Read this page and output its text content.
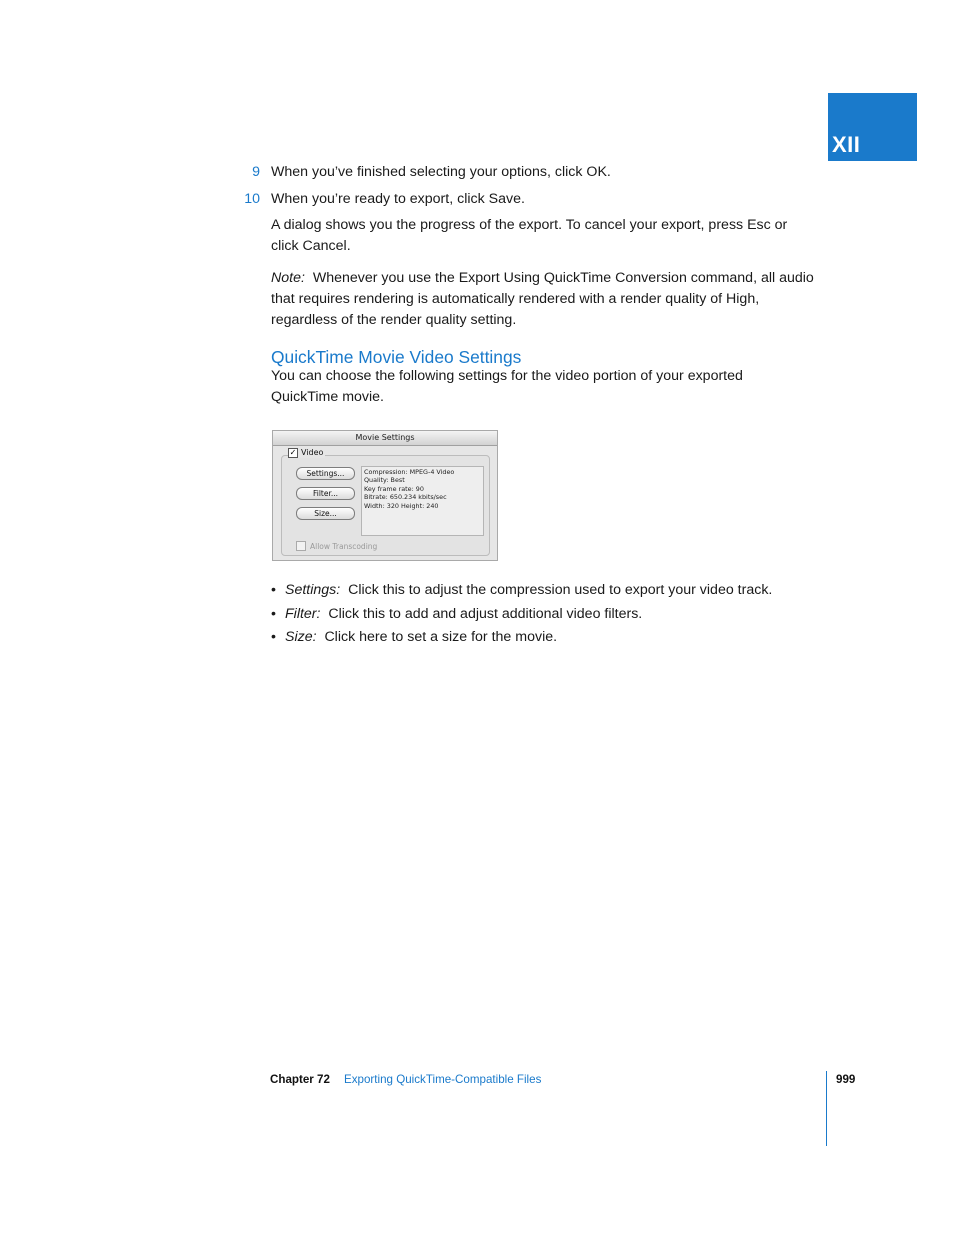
XII
9 When you’ve finished selecting your options, click OK.
10 When you’re ready to export, click Save.
A dialog shows you the progress of the export. To cancel your export, press Esc or click Cancel.
Note: Whenever you use the Export Using QuickTime Conversion command, all audio that requires rendering is automatically rendered with a render quality of High, regardless of the render quality setting.
QuickTime Movie Video Settings
You can choose the following settings for the video portion of your exported QuickTime movie.
Movie Settings
✓ Video
Settings...
Filter...
Size...
Compression: MPEG-4 Video
Quality: Best
Key frame rate: 90
Bitrate: 650.234 kbits/sec
Width: 320 Height: 240
Allow Transcoding
• Settings: Click this to adjust the compression used to export your video track.
• Filter: Click this to add and adjust additional video filters.
• Size: Click here to set a size for the movie.
Chapter 72 Exporting QuickTime-Compatible Files	999
